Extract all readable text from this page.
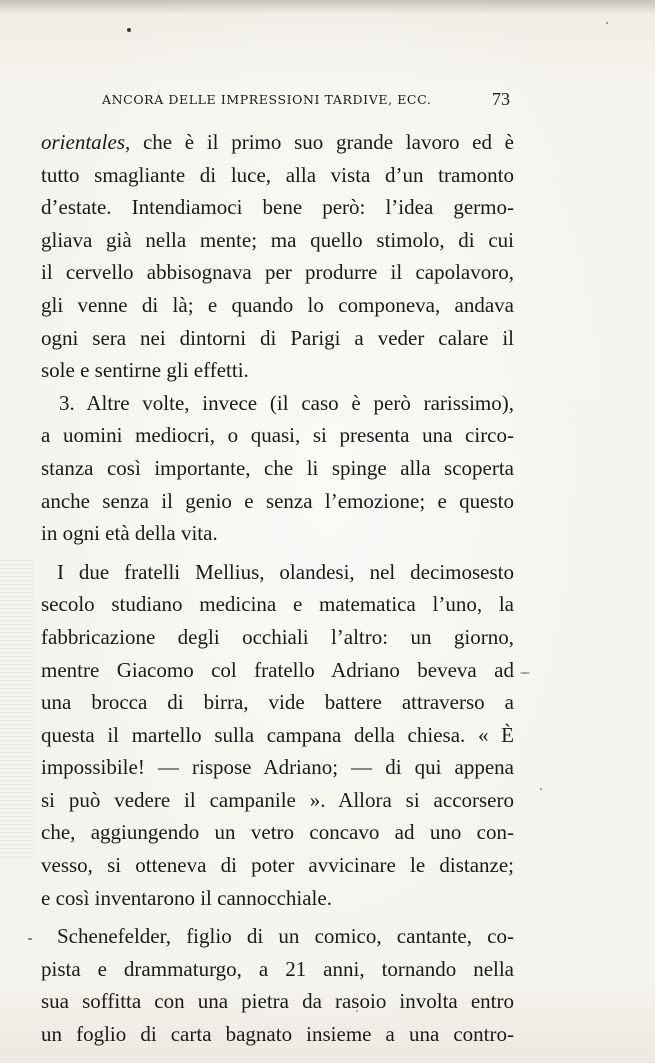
ANCORA DELLE IMPRESSIONI TARDIVE, ECC.	73
orientales, che è il primo suo grande lavoro ed è
tutto smagliante di luce, alla vista d’un tramonto
d’estate. Intendiamoci bene però: l’idea germo-
gliava già nella mente; ma quello stimolo, di cui
il cervello abbisognava per produrre il capolavoro,
gli venne di là; e quando lo componeva, andava
ogni sera nei dintorni di Parigi a veder calare il
sole e sentirne gli effetti.
3. Altre volte, invece (il caso è però rarissimo),
a uomini mediocri, o quasi, si presenta una circo-
stanza così importante, che li spinge alla scoperta
anche senza il genio e senza l’emozione; e questo
in ogni età della vita.
I due fratelli Mellius, olandesi, nel decimosesto
secolo studiano medicina e matematica l’uno, la
fabbricazione degli occhiali l’altro: un giorno,
mentre Giacomo col fratello Adriano beveva ad
una brocca di birra, vide battere attraverso a
questa il martello sulla campana della chiesa. « È
impossibile! — rispose Adriano; — di qui appena
si può vedere il campanile ». Allora si accorsero
che, aggiungendo un vetro concavo ad uno con-
vesso, si otteneva di poter avvicinare le distanze;
e così inventarono il cannocchiale.
Schenefelder, figlio di un comico, cantante, co-
pista e drammaturgo, a 21 anni, tornando nella
sua soffitta con una pietra da rasoio involta entro
un foglio di carta bagnato insieme a una contro-
